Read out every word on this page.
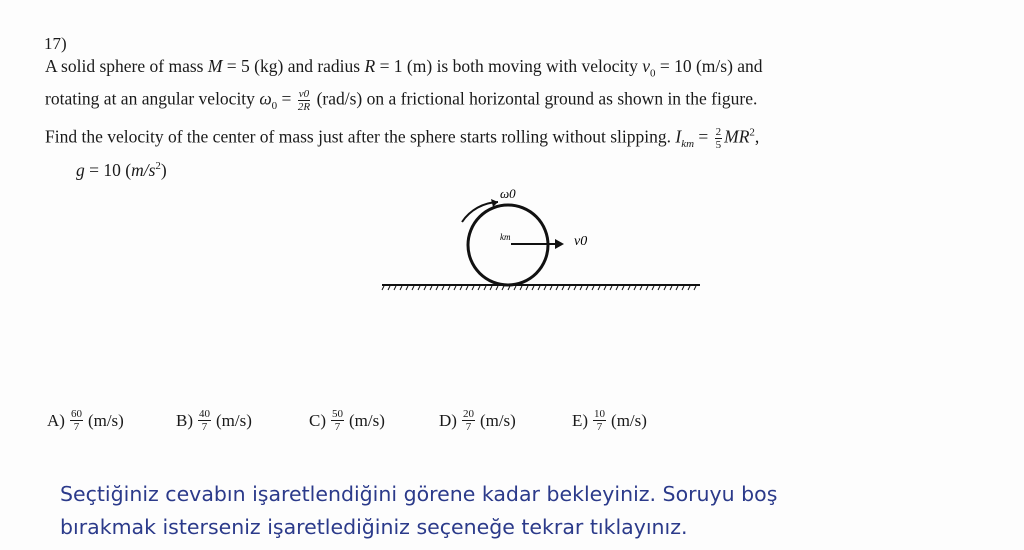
17)
A solid sphere of mass M = 5 (kg) and radius R = 1 (m) is both moving with velocity $v_0 = 10$ (m/s) and
rotating at an angular velocity $\omega_0 = \frac{v0}{2R} (rad/s)$ on a frictional horizontal ground as shown in the figure.
Find the velocity of the center of mass just after the sphere starts rolling without slipping. $I_{km} = \frac{2}{5} MR^2$,
g = 10 $(m/s^2)$
ω0
km	v0
$A) \frac{60}{7} (m/s)$	$B) \frac{40}{7} (m/s)$	$C) \frac{50}{7} (m/s)$	$D) \frac{20}{7} (m/s)$	$E) \frac{10}{7} (m/s)$
Seçtiğiniz cevabın işaretlendiğini görene kadar bekleyiniz. Soruyu boş
bırakmak isterseniz işaretlediğiniz seçeneğe tekrar tıklayınız.
